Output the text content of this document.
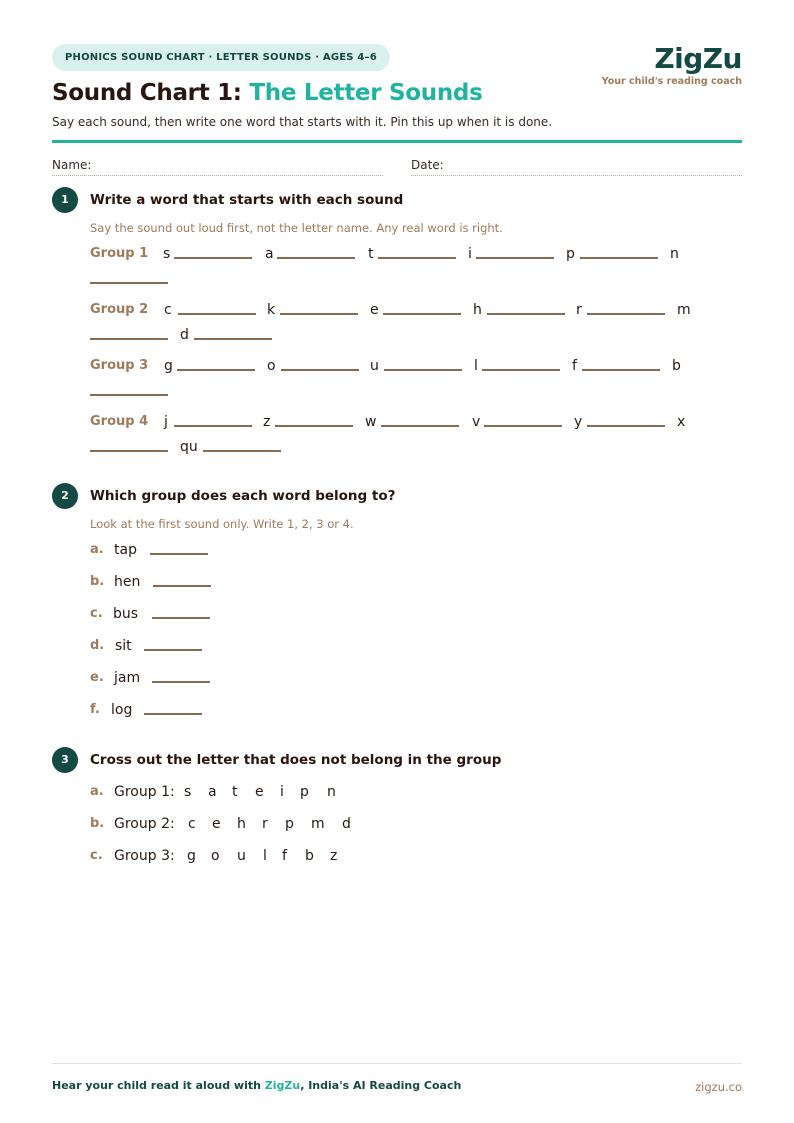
PHONICS SOUND CHART · LETTER SOUNDS · AGES 4–6	ZigZu
Your child's reading coach
Sound Chart 1: The Letter Sounds
Say each sound, then write one word that starts with it. Pin this up when it is done.
Name:	Date:
1	Write a word that starts with each sound
Say the sound out loud first, not the letter name. Any real word is right.
Group 1 s	a	t	i	p	n
Group 2 c	k	e	h	r	m
d
Group 3 g	o	u	l	f	b
Group 4 j	z	w	v	y	x
qu
2	Which group does each word belong to?
Look at the first sound only. Write 1, 2, 3 or 4.
a. tap
b. hen
c. bus
d. sit
e. jam
f. log
3	Cross out the letter that does not belong in the group
a. Group 1: s a t e i p n
b. Group 2: c e h r p m d
c. Group 3: g o u l f b z
Hear your child read it aloud with ZigZu, India's AI Reading Coach	zigzu.co
